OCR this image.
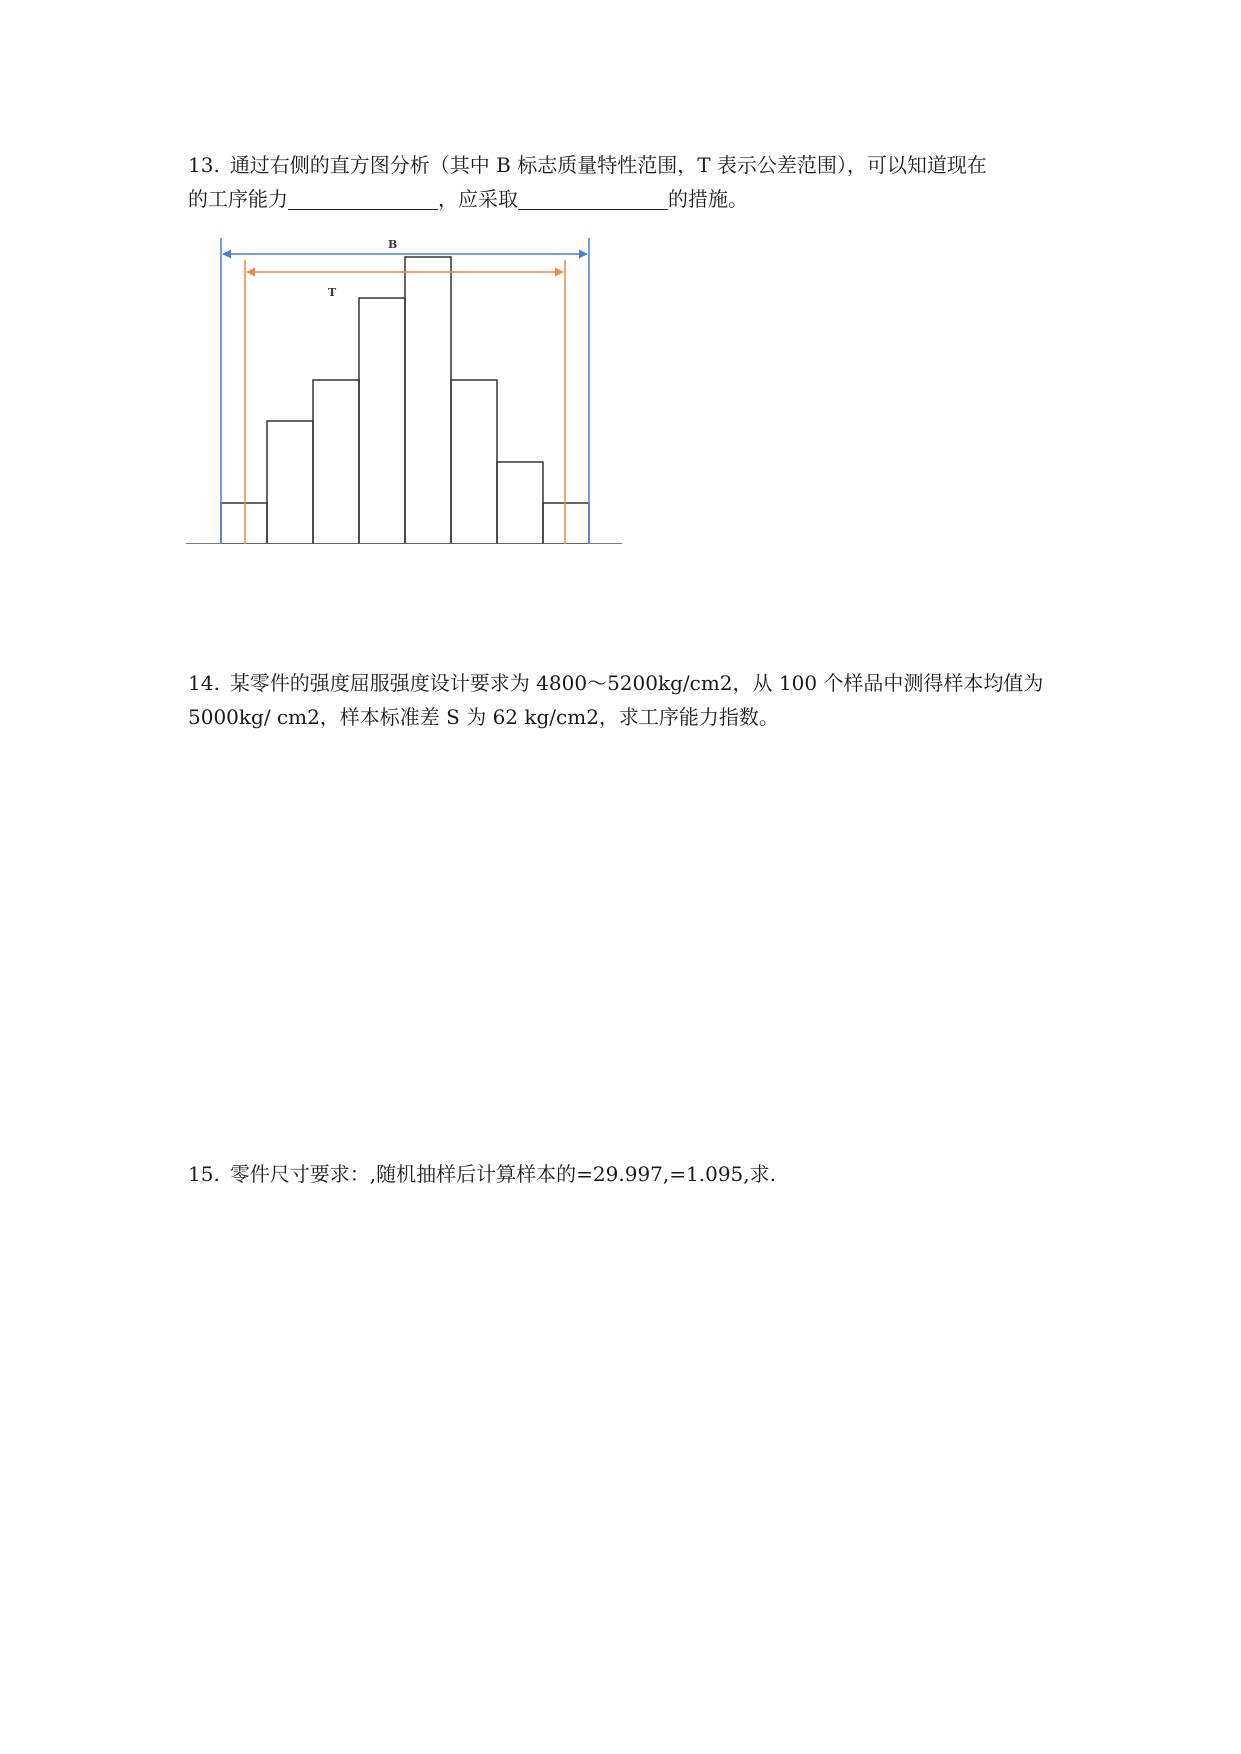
13. 通过右侧的直方图分析（其中 B 标志质量特性范围，T 表示公差范围），可以知道现在
的工序能力	，应采取	的措施。
B
T
14. 某零件的强度屈服强度设计要求为 4800～5200kg/cm2，从 100 个样品中测得样本均值为
5000kg/ cm2，样本标准差 S 为 62 kg/cm2，求工序能力指数。
15. 零件尺寸要求：,随机抽样后计算样本的=29.997,=1.095,求.
